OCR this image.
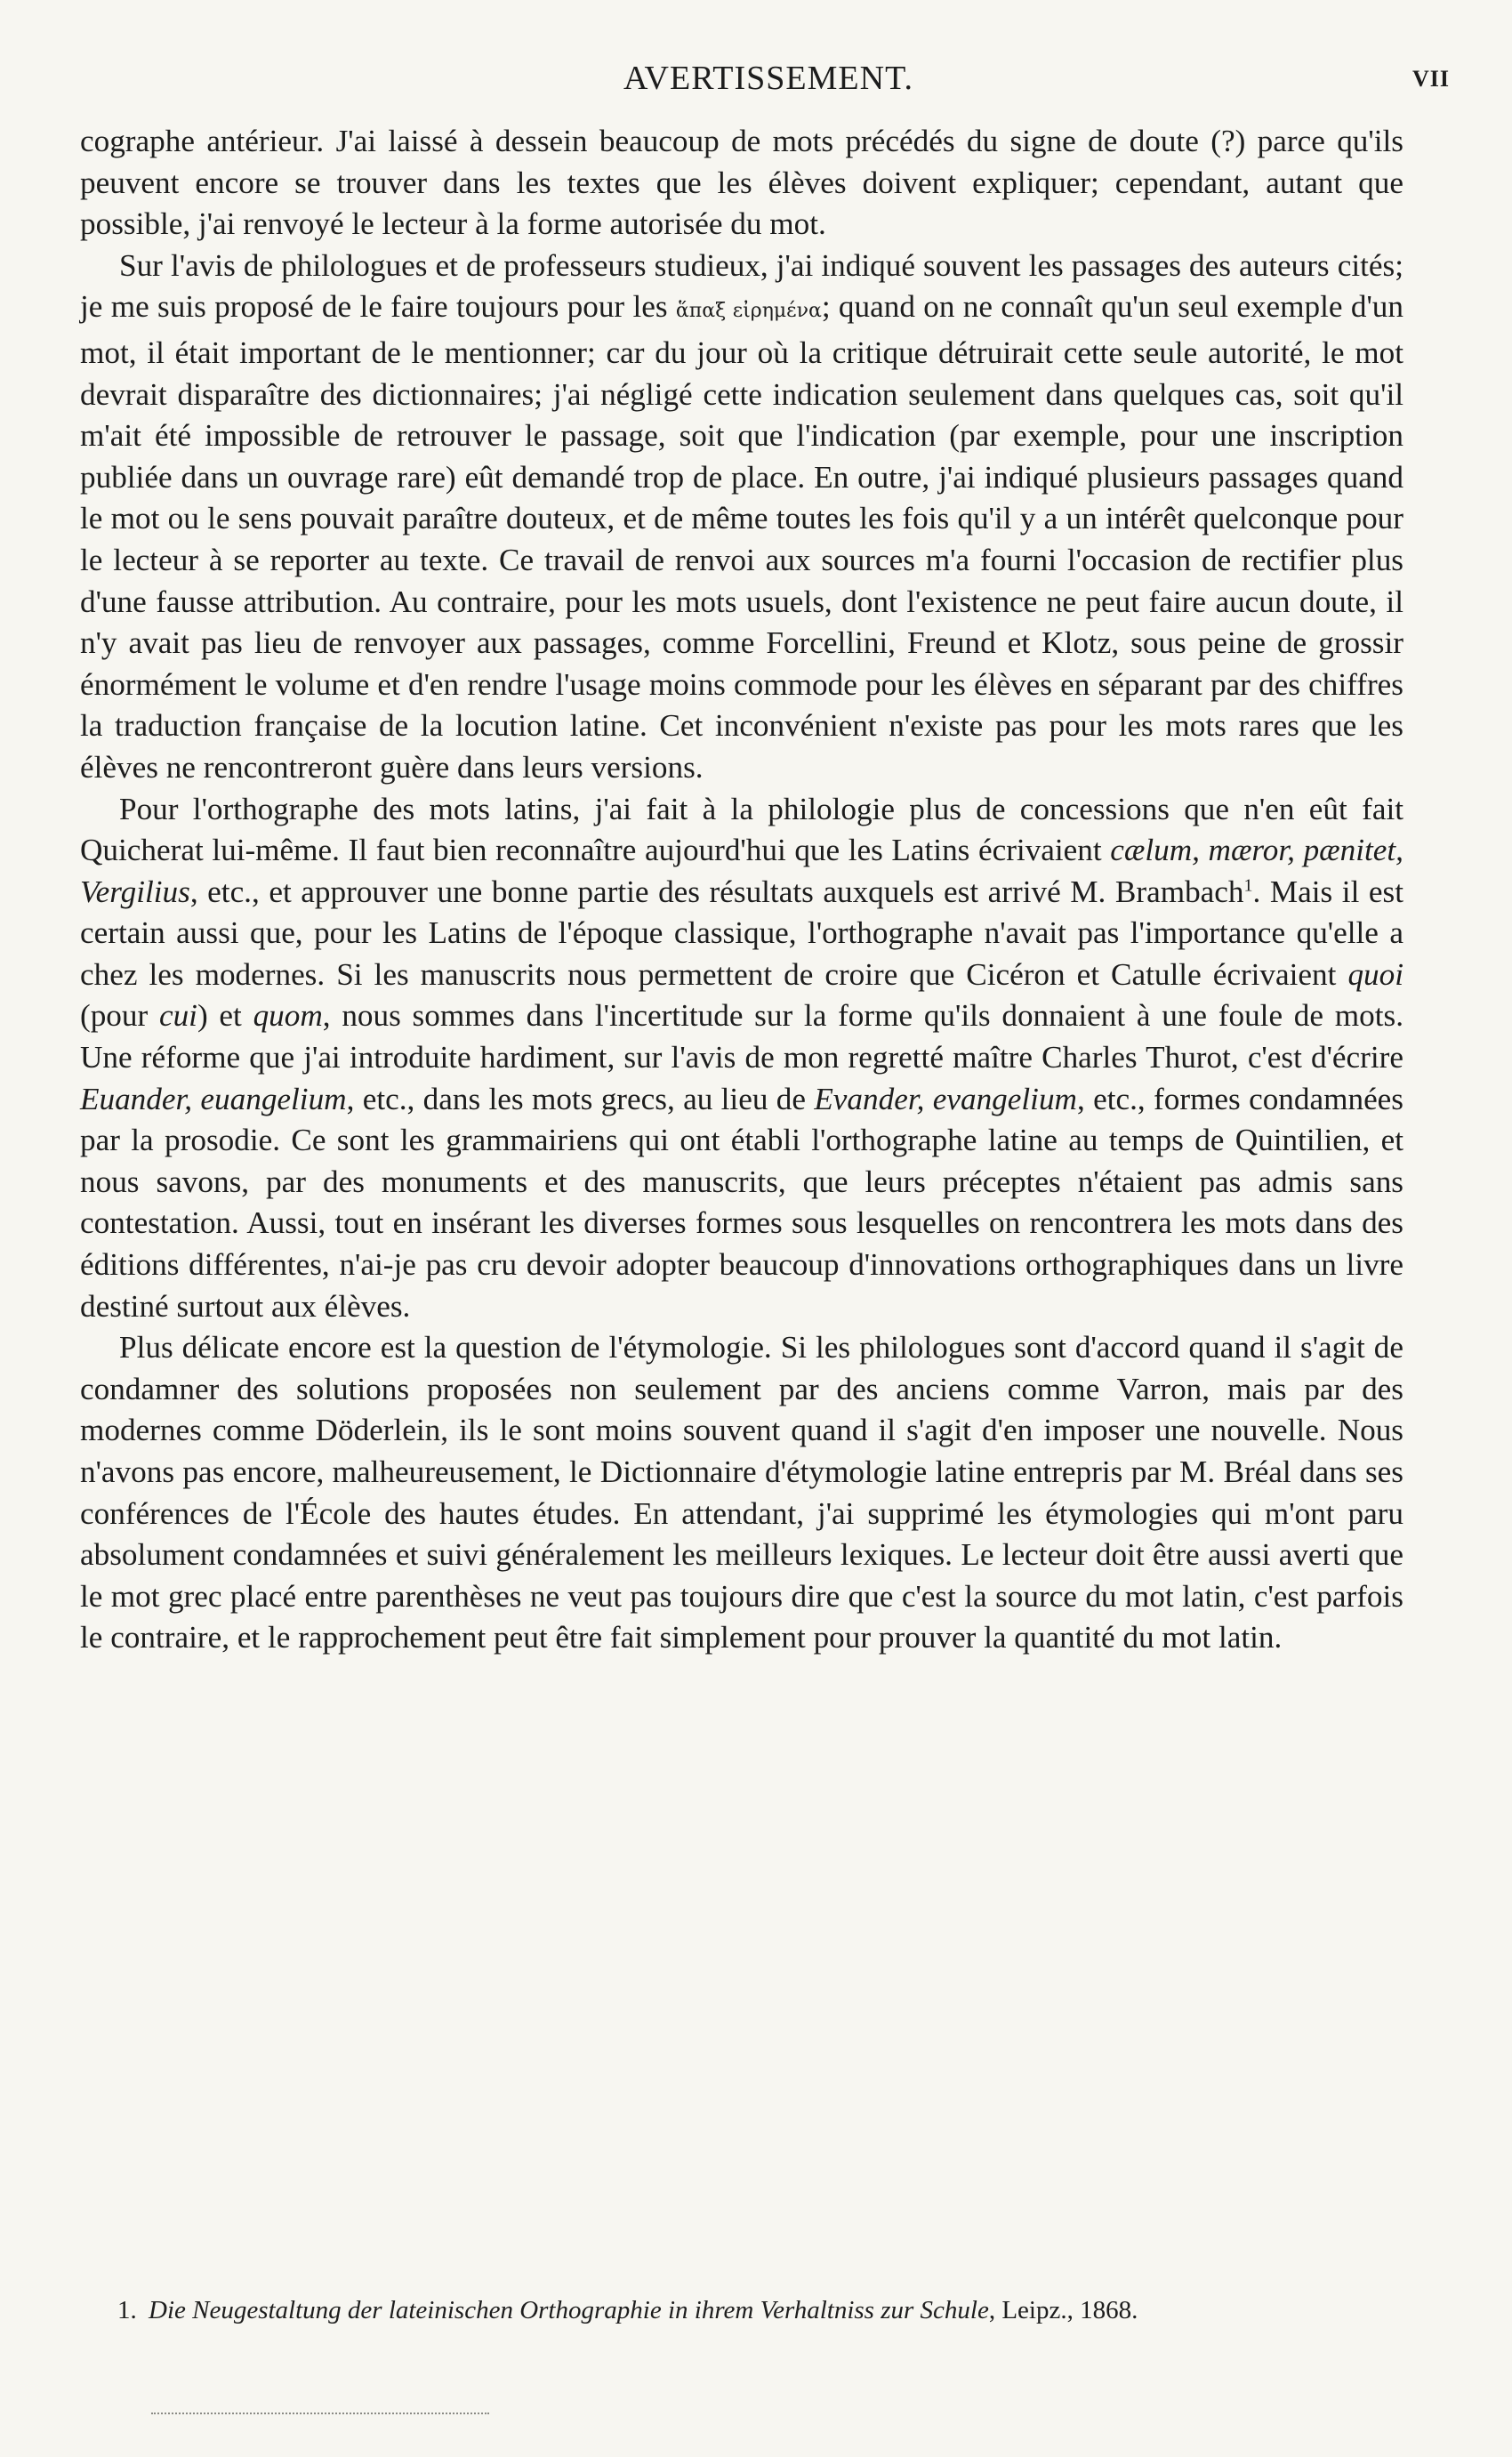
AVERTISSEMENT.	VII

cographe antérieur. J'ai laissé à dessein beaucoup de mots précédés du signe de doute (?) parce qu'ils peuvent encore se trouver dans les textes que les élèves doivent expliquer; cependant, autant que possible, j'ai renvoyé le lecteur à la forme autorisée du mot.

Sur l'avis de philologues et de professeurs studieux, j'ai indiqué souvent les passages des auteurs cités; je me suis proposé de le faire toujours pour les ἅπαξ εἰρημένα; quand on ne connaît qu'un seul exemple d'un mot, il était important de le mentionner; car du jour où la critique détruirait cette seule autorité, le mot devrait disparaître des dictionnaires; j'ai négligé cette indication seulement dans quelques cas, soit qu'il m'ait été impossible de retrouver le passage, soit que l'indication (par exemple, pour une inscription publiée dans un ouvrage rare) eût demandé trop de place. En outre, j'ai indiqué plusieurs passages quand le mot ou le sens pouvait paraître douteux, et de même toutes les fois qu'il y a un intérêt quelconque pour le lecteur à se reporter au texte. Ce travail de renvoi aux sources m'a fourni l'occasion de rectifier plus d'une fausse attribution. Au contraire, pour les mots usuels, dont l'existence ne peut faire aucun doute, il n'y avait pas lieu de renvoyer aux passages, comme Forcellini, Freund et Klotz, sous peine de grossir énormément le volume et d'en rendre l'usage moins commode pour les élèves en séparant par des chiffres la traduction française de la locution latine. Cet inconvénient n'existe pas pour les mots rares que les élèves ne rencontreront guère dans leurs versions.

Pour l'orthographe des mots latins, j'ai fait à la philologie plus de concessions que n'en eût fait Quicherat lui-même. Il faut bien reconnaître aujourd'hui que les Latins écrivaient cælum, mæror, pænitet, Vergilius, etc., et approuver une bonne partie des résultats auxquels est arrivé M. Brambach$^1$. Mais il est certain aussi que, pour les Latins de l'époque classique, l'orthographe n'avait pas l'importance qu'elle a chez les modernes. Si les manuscrits nous permettent de croire que Cicéron et Catulle écrivaient quoi (pour cui) et quom, nous sommes dans l'incertitude sur la forme qu'ils donnaient à une foule de mots. Une réforme que j'ai introduite hardiment, sur l'avis de mon regretté maître Charles Thurot, c'est d'écrire Euander, euangelium, etc., dans les mots grecs, au lieu de Evander, evangelium, etc., formes condamnées par la prosodie. Ce sont les grammairiens qui ont établi l'orthographe latine au temps de Quintilien, et nous savons, par des monuments et des manuscrits, que leurs préceptes n'étaient pas admis sans contestation. Aussi, tout en insérant les diverses formes sous lesquelles on rencontrera les mots dans des éditions différentes, n'ai-je pas cru devoir adopter beaucoup d'innovations orthographiques dans un livre destiné surtout aux élèves.

Plus délicate encore est la question de l'étymologie. Si les philologues sont d'accord quand il s'agit de condamner des solutions proposées non seulement par des anciens comme Varron, mais par des modernes comme Döderlein, ils le sont moins souvent quand il s'agit d'en imposer une nouvelle. Nous n'avons pas encore, malheureusement, le Dictionnaire d'étymologie latine entrepris par M. Bréal dans ses conférences de l'École des hautes études. En attendant, j'ai supprimé les étymologies qui m'ont paru absolument condamnées et suivi généralement les meilleurs lexiques. Le lecteur doit être aussi averti que le mot grec placé entre parenthèses ne veut pas toujours dire que c'est la source du mot latin, c'est parfois le contraire, et le rapprochement peut être fait simplement pour prouver la quantité du mot latin.

1. Die Neugestaltung der lateinischen Orthographie in ihrem Verhaltniss zur Schule, Leipz., 1868.
